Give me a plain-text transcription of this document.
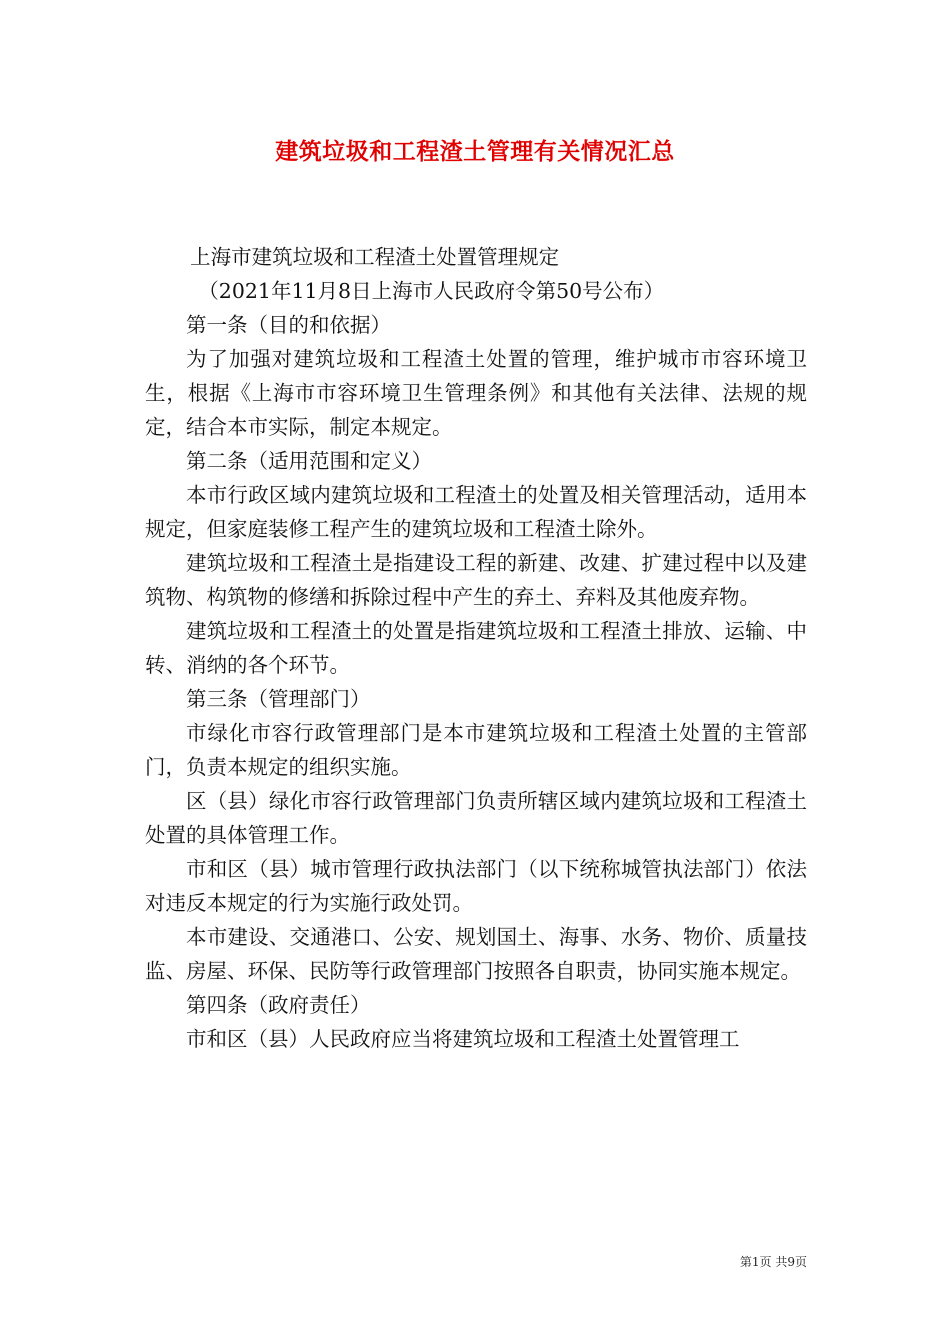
建筑垃圾和工程渣土管理有关情况汇总

上海市建筑垃圾和工程渣土处置管理规定

（2021年11月8日上海市人民政府令第50号公布）

第一条（目的和依据）

为了加强对建筑垃圾和工程渣土处置的管理，维护城市市容环境卫生，根据《上海市市容环境卫生管理条例》和其他有关法律、法规的规定，结合本市实际，制定本规定。

第二条（适用范围和定义）

本市行政区域内建筑垃圾和工程渣土的处置及相关管理活动，适用本规定，但家庭装修工程产生的建筑垃圾和工程渣土除外。

建筑垃圾和工程渣土是指建设工程的新建、改建、扩建过程中以及建筑物、构筑物的修缮和拆除过程中产生的弃土、弃料及其他废弃物。

建筑垃圾和工程渣土的处置是指建筑垃圾和工程渣土排放、运输、中转、消纳的各个环节。

第三条（管理部门）

市绿化市容行政管理部门是本市建筑垃圾和工程渣土处置的主管部门，负责本规定的组织实施。

区（县）绿化市容行政管理部门负责所辖区域内建筑垃圾和工程渣土处置的具体管理工作。

市和区（县）城市管理行政执法部门（以下统称城管执法部门）依法对违反本规定的行为实施行政处罚。

本市建设、交通港口、公安、规划国土、海事、水务、物价、质量技监、房屋、环保、民防等行政管理部门按照各自职责，协同实施本规定。

第四条（政府责任）

市和区（县）人民政府应当将建筑垃圾和工程渣土处置管理工

第1页 共9页
